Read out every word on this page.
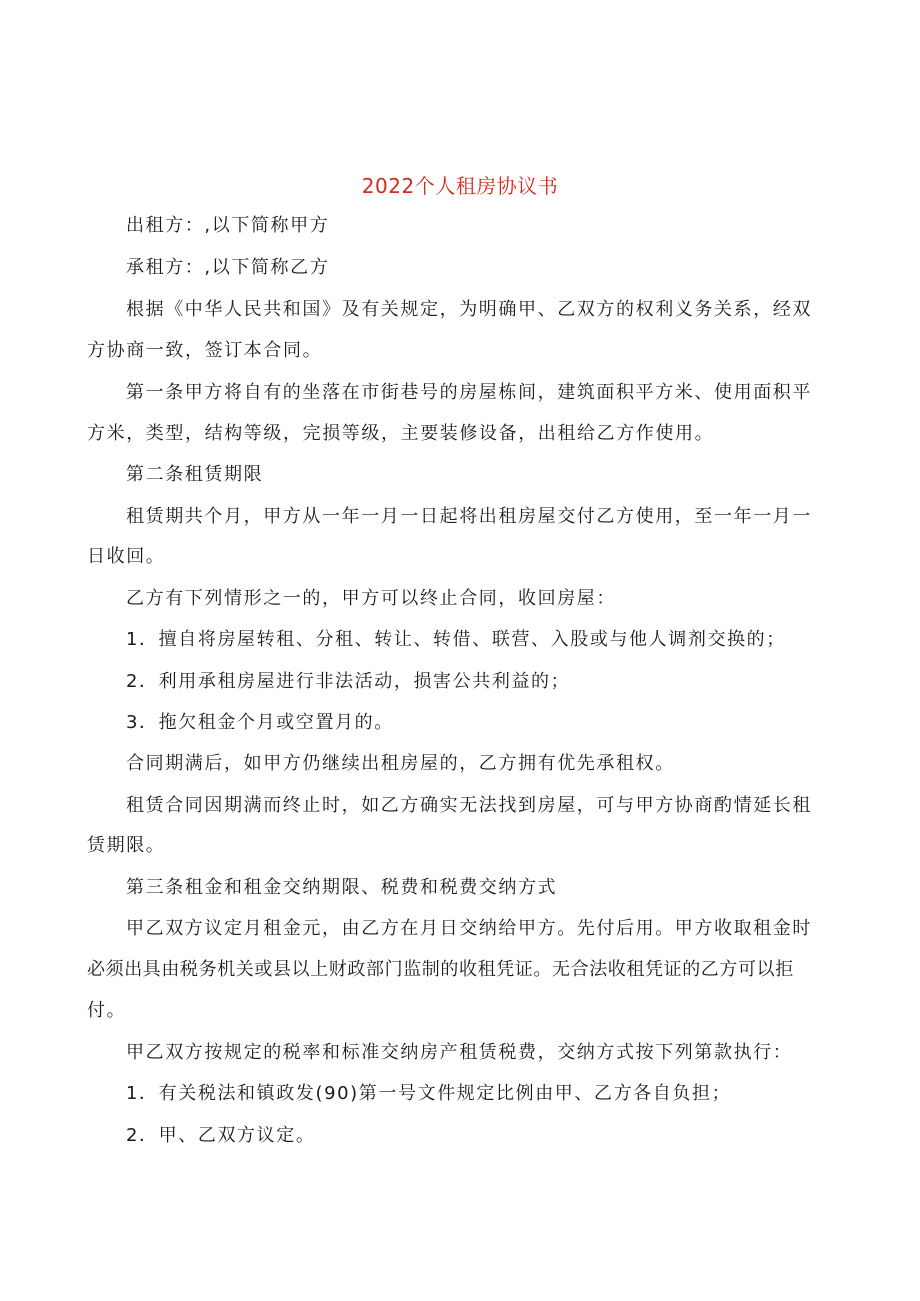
2022个人租房协议书
出租方：,以下简称甲方
承租方：,以下简称乙方
根据《中华人民共和国》及有关规定，为明确甲、乙双方的权利义务关系，经双
方协商一致，签订本合同。
第一条甲方将自有的坐落在市街巷号的房屋栋间，建筑面积平方米、使用面积平
方米，类型，结构等级，完损等级，主要装修设备，出租给乙方作使用。
第二条租赁期限
租赁期共个月，甲方从一年一月一日起将出租房屋交付乙方使用，至一年一月一
日收回。
乙方有下列情形之一的，甲方可以终止合同，收回房屋：
1．擅自将房屋转租、分租、转让、转借、联营、入股或与他人调剂交换的；
2．利用承租房屋进行非法活动，损害公共利益的；
3．拖欠租金个月或空置月的。
合同期满后，如甲方仍继续出租房屋的，乙方拥有优先承租权。
租赁合同因期满而终止时，如乙方确实无法找到房屋，可与甲方协商酌情延长租
赁期限。
第三条租金和租金交纳期限、税费和税费交纳方式
甲乙双方议定月租金元，由乙方在月日交纳给甲方。先付后用。甲方收取租金时
必须出具由税务机关或县以上财政部门监制的收租凭证。无合法收租凭证的乙方可以拒
付。
甲乙双方按规定的税率和标准交纳房产租赁税费，交纳方式按下列第款执行：
1．有关税法和镇政发(90)第一号文件规定比例由甲、乙方各自负担；
2．甲、乙双方议定。
